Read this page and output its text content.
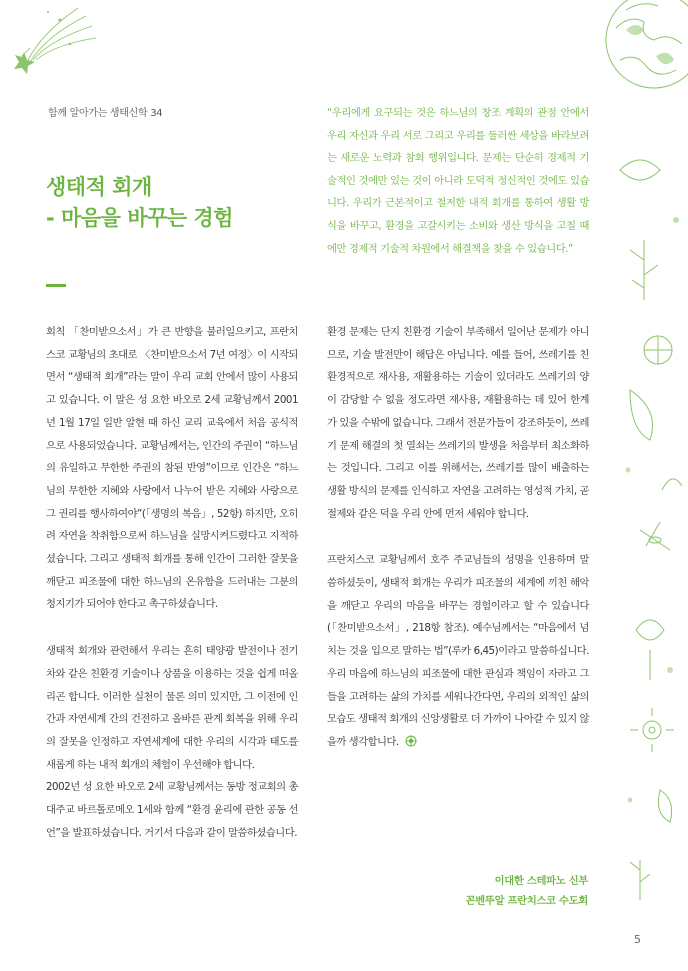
함께 알아가는 생태신학 34
생태적 회개
- 마음을 바꾸는 경험

“우리에게 요구되는 것은 하느님의 창조 계획의 관점 안에서 우리 자신과 우리 서로 그리고 우리를 둘러싼 세상을 바라보려는 새로운 노력과 참회 행위입니다. 문제는 단순히 경제적 기술적인 것에만 있는 것이 아니라 도덕적 정신적인 것에도 있습니다. 우리가 근본적이고 철저한 내적 회개를 통하여 생활 방식을 바꾸고, 환경을 고갈시키는 소비와 생산 방식을 고칠 때에만 경제적 기술적 차원에서 해결책을 찾을 수 있습니다.”

회칙 「찬미받으소서」가 큰 반향을 불러일으키고, 프란치스코 교황님의 초대로 〈찬미받으소서 7년 여정〉이 시작되면서 “생태적 회개”라는 말이 우리 교회 안에서 많이 사용되고 있습니다. 이 말은 성 요한 바오로 2세 교황님께서 2001년 1월 17일 일반 알현 때 하신 교리 교육에서 처음 공식적으로 사용되었습니다. 교황님께서는, 인간의 주권이 “하느님의 유일하고 무한한 주권의 참된 반영”이므로 인간은 “하느님의 무한한 지혜와 사랑에서 나누어 받은 지혜와 사랑으로 그 권리를 행사하여야”(「생명의 복음」, 52항) 하지만, 오히려 자연을 착취함으로써 하느님을 실망시켜드렸다고 지적하셨습니다. 그리고 생태적 회개를 통해 인간이 그러한 잘못을 깨닫고 피조물에 대한 하느님의 온유함을 드러내는 그분의 청지기가 되어야 한다고 촉구하셨습니다.

생태적 회개와 관련해서 우리는 흔히 태양광 발전이나 전기차와 같은 친환경 기술이나 상품을 이용하는 것을 쉽게 떠올리곤 합니다. 이러한 실천이 물론 의미 있지만, 그 이전에 인간과 자연세계 간의 건전하고 올바른 관계 회복을 위해 우리의 잘못을 인정하고 자연세계에 대한 우리의 시각과 태도를 새롭게 하는 내적 회개의 체험이 우선해야 합니다.

2002년 성 요한 바오로 2세 교황님께서는 동방 정교회의 총대주교 바르톨로메오 1세와 함께 “환경 윤리에 관한 공동 선언”을 발표하셨습니다. 거기서 다음과 같이 말씀하셨습니다.

환경 문제는 단지 친환경 기술이 부족해서 일어난 문제가 아니므로, 기술 발전만이 해답은 아닙니다. 예를 들어, 쓰레기를 친환경적으로 재사용, 재활용하는 기술이 있더라도 쓰레기의 양이 감당할 수 없을 정도라면 재사용, 재활용하는 데 있어 한계가 있을 수밖에 없습니다. 그래서 전문가들이 강조하듯이, 쓰레기 문제 해결의 첫 열쇠는 쓰레기의 발생을 처음부터 최소화하는 것입니다. 그리고 이를 위해서는, 쓰레기를 많이 배출하는 생활 방식의 문제를 인식하고 자연을 고려하는 영성적 가치, 곧 절제와 같은 덕을 우리 안에 먼저 세워야 합니다.

프란치스코 교황님께서 호주 주교님들의 성명을 인용하며 말씀하셨듯이, 생태적 회개는 우리가 피조물의 세계에 끼친 해악을 깨닫고 우리의 마음을 바꾸는 경험이라고 할 수 있습니다(「찬미받으소서」, 218항 참조). 예수님께서는 “마음에서 넘치는 것을 입으로 말하는 법”(루카 6,45)이라고 말씀하십니다. 우리 마음에 하느님의 피조물에 대한 관심과 책임이 자라고 그들을 고려하는 삶의 가치를 세워나간다면, 우리의 외적인 삶의 모습도 생태적 회개의 신앙생활로 더 가까이 나아갈 수 있지 않을까 생각합니다.

이대한 스테파노 신부
꼰벤뚜알 프란치스코 수도회
5
